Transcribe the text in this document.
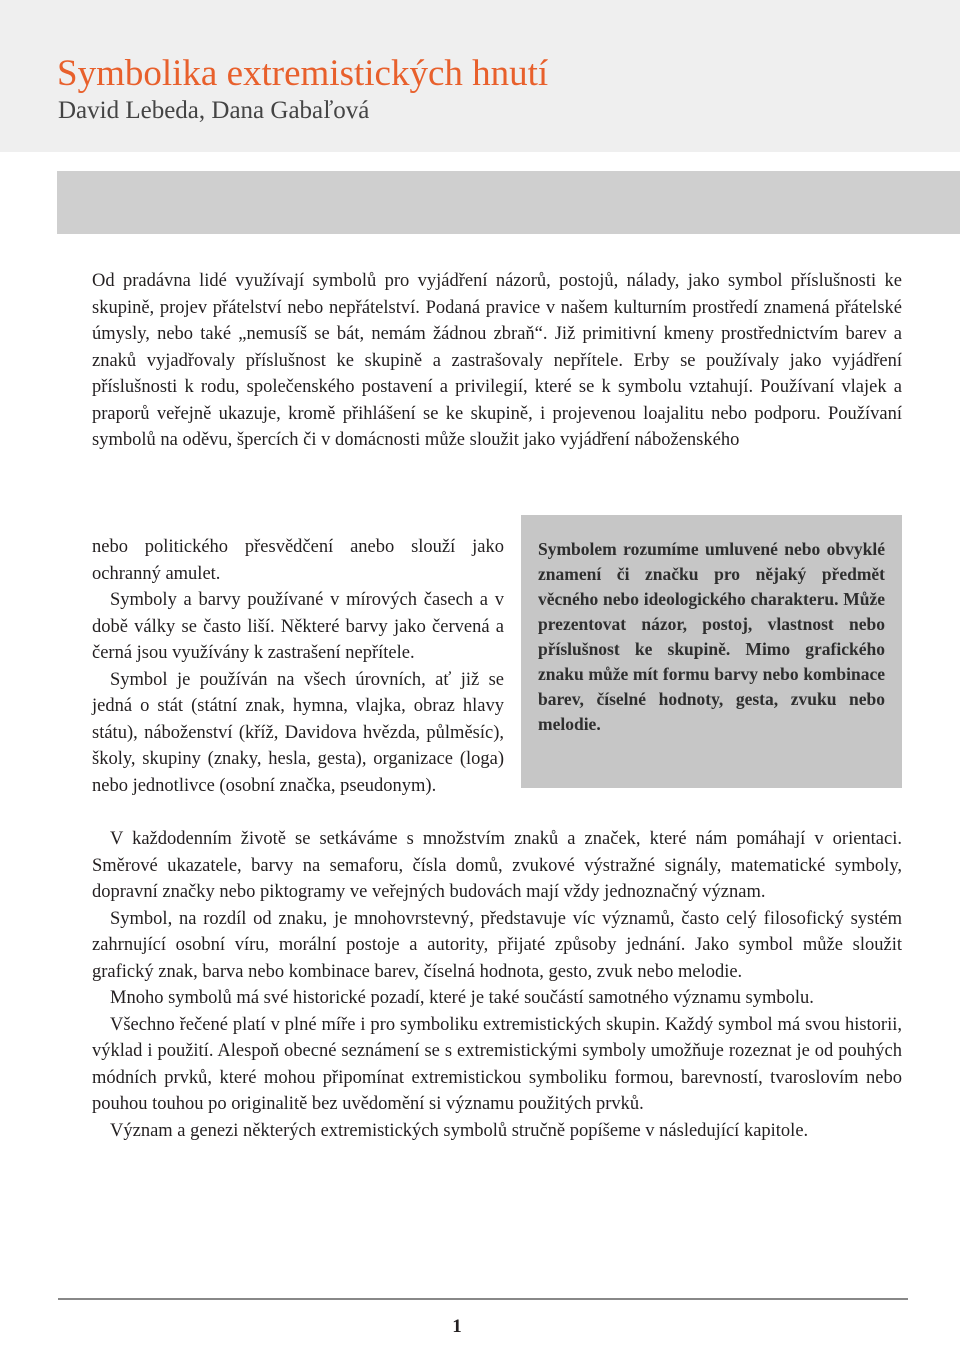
Symbolika extremistických hnutí

David Lebeda, Dana Gabaľová

Od pradávna lidé využívají symbolů pro vyjádření názorů, postojů, nálady, jako symbol příslušnosti ke skupině, projev přátelství nebo nepřátelství. Podaná pravice v našem kulturním prostředí znamená přátelské úmysly, nebo také „nemusíš se bát, nemám žádnou zbraň“. Již primitivní kmeny prostřednictvím barev a znaků vyjadřovaly příslušnost ke skupině a zastrašovaly nepřítele. Erby se používaly jako vyjádření příslušnosti k rodu, společenského postavení a privilegií, které se k symbolu vztahují. Používaní vlajek a praporů veřejně ukazuje, kromě přihlášení se ke skupině, i projevenou loajalitu nebo podporu. Používaní symbolů na oděvu, špercích či v domácnosti může sloužit jako vyjádření náboženského

nebo politického přesvědčení anebo slouží jako ochranný amulet.

Symboly a barvy používané v mírových časech a v době války se často liší. Některé barvy jako červená a černá jsou využívány k zastrašení nepřítele.

Symbol je používán na všech úrovních, ať již se jedná o stát (státní znak, hymna, vlajka, obraz hlavy státu), náboženství (kříž, Davidova hvězda, půlměsíc), školy, skupiny (znaky, hesla, gesta), organizace (loga) nebo jednotlivce (osobní značka, pseudonym).

Symbolem rozumíme umluvené nebo obvyklé znamení či značku pro nějaký předmět věcného nebo ideologického charakteru. Může prezentovat názor, postoj, vlastnost nebo příslušnost ke skupině. Mimo grafického znaku může mít formu barvy nebo kombinace barev, číselné hodnoty, gesta, zvuku nebo melodie.

V každodenním životě se setkáváme s množstvím znaků a značek, které nám pomáhají v orientaci. Směrové ukazatele, barvy na semaforu, čísla domů, zvukové výstražné signály, matematické symboly, dopravní značky nebo piktogramy ve veřejných budovách mají vždy jednoznačný význam.

Symbol, na rozdíl od znaku, je mnohovrstevný, představuje víc významů, často celý filosofický systém zahrnující osobní víru, morální postoje a autority, přijaté způsoby jednání. Jako symbol může sloužit grafický znak, barva nebo kombinace barev, číselná hodnota, gesto, zvuk nebo melodie.

Mnoho symbolů má své historické pozadí, které je také součástí samotného významu symbolu.

Všechno řečené platí v plné míře i pro symboliku extremistických skupin. Každý symbol má svou historii, výklad i použití. Alespoň obecné seznámení se s extremistickými symboly umožňuje rozeznat je od pouhých módních prvků, které mohou připomínat extremistickou symboliku formou, barevností, tvaroslovím nebo pouhou touhou po originalitě bez uvědomění si významu použitých prvků.

Význam a genezi některých extremistických symbolů stručně popíšeme v následující kapitole.

1
